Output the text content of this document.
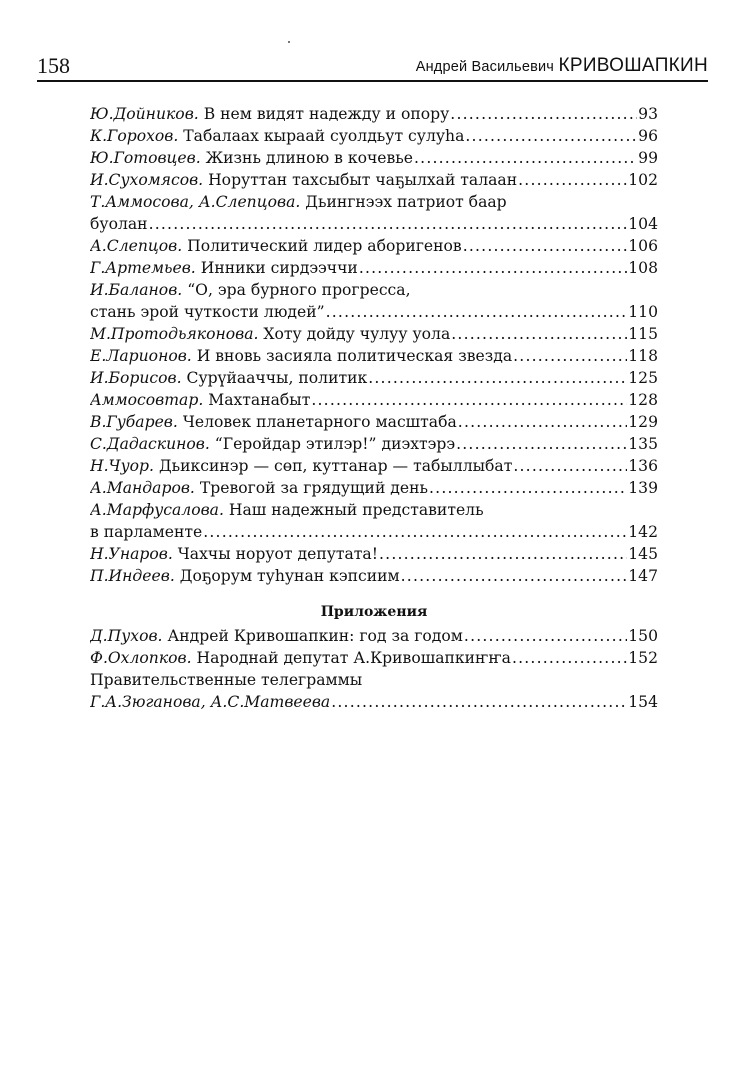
158	Андрей Васильевич КРИВОШАПКИН
Ю.Дойников. В нем видят надежду и опору .....	93
К.Горохов. Табалаах кыраай суолдьут сулуһа .....	96
Ю.Готовцев. Жизнь длиною в кочевье .....	99
И.Сухомясов. Норуттан тахсыбыт чаҕылхай талаан .....	102
Т.Аммосова, А.Слепцова. Дьингнээх патриот баар
буолан .....	104
А.Слепцов. Политический лидер аборигенов .....	106
Г.Артемьев. Инники сирдээччи .....	108
И.Баланов. “О, эра бурного прогресса,
стань эрой чуткости людей” .....	110
М.Протодьяконова. Хоту дойду чулуу уола .....	115
Е.Ларионов. И вновь засияла политическая звезда .....	118
И.Борисов. Сурүйааччы, политик .....	125
Аммосовтар. Махтанабыт .....	128
В.Губарев. Человек планетарного масштаба .....	129
С.Дадаскинов. “Геройдар этилэр!” диэхтэрэ .....	135
Н.Чуор. Дьиксинэр — сөп, куттанар — табыллыбат .....	136
А.Мандаров. Тревогой за грядущий день .....	139
А.Марфусалова. Наш надежный представитель
в парламенте .....	142
Н.Унаров. Чахчы норуот депутата! .....	145
П.Индеев. Доҕорум туһунан кэпсиим .....	147
Приложения
Д.Пухов. Андрей Кривошапкин: год за годом .....	150
Ф.Охлопков. Народнай депутат А.Кривошапкиҥҥа .....	152
Правительственные телеграммы
Г.А.Зюганова, А.С.Матвеева .....	154
